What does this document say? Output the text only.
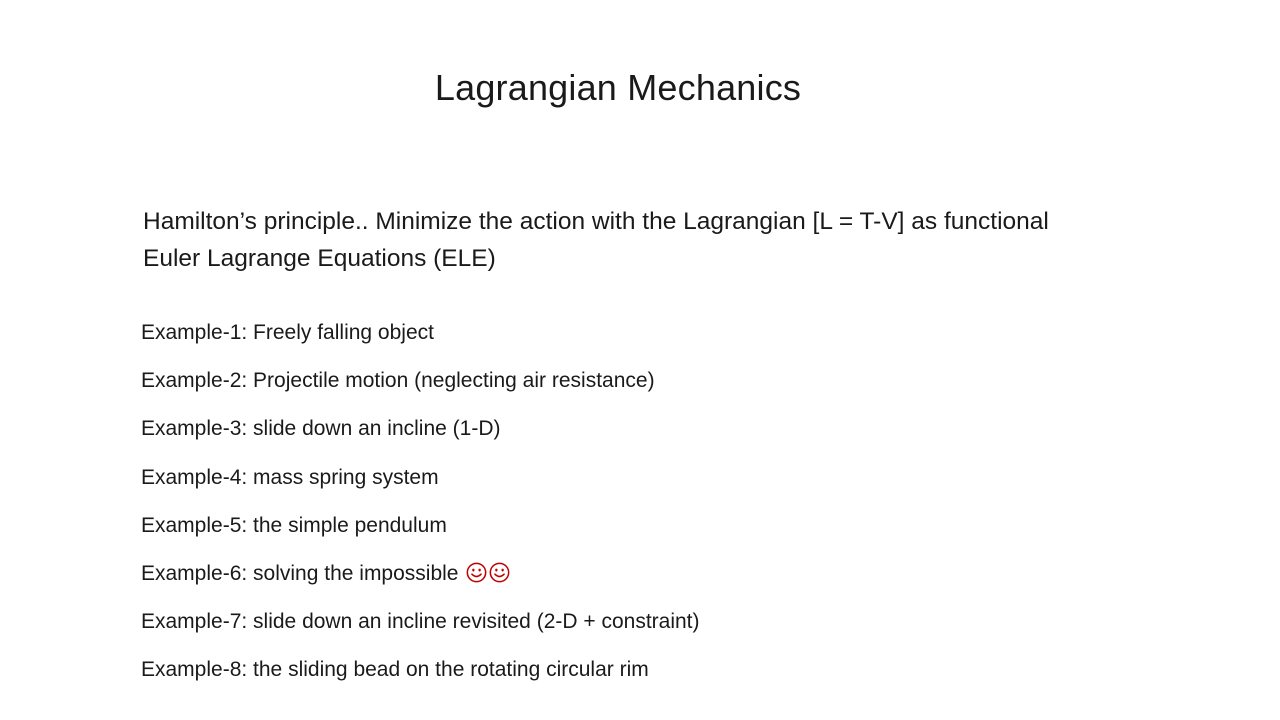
Lagrangian Mechanics
Hamilton’s principle.. Minimize the action with the Lagrangian [L = T-V] as functional
Euler Lagrange Equations (ELE)
Example-1: Freely falling object
Example-2: Projectile motion (neglecting air resistance)
Example-3: slide down an incline (1-D)
Example-4: mass spring system
Example-5: the simple pendulum
Example-6: solving the impossible
Example-7: slide down an incline revisited (2-D + constraint)
Example-8: the sliding bead on the rotating circular rim
